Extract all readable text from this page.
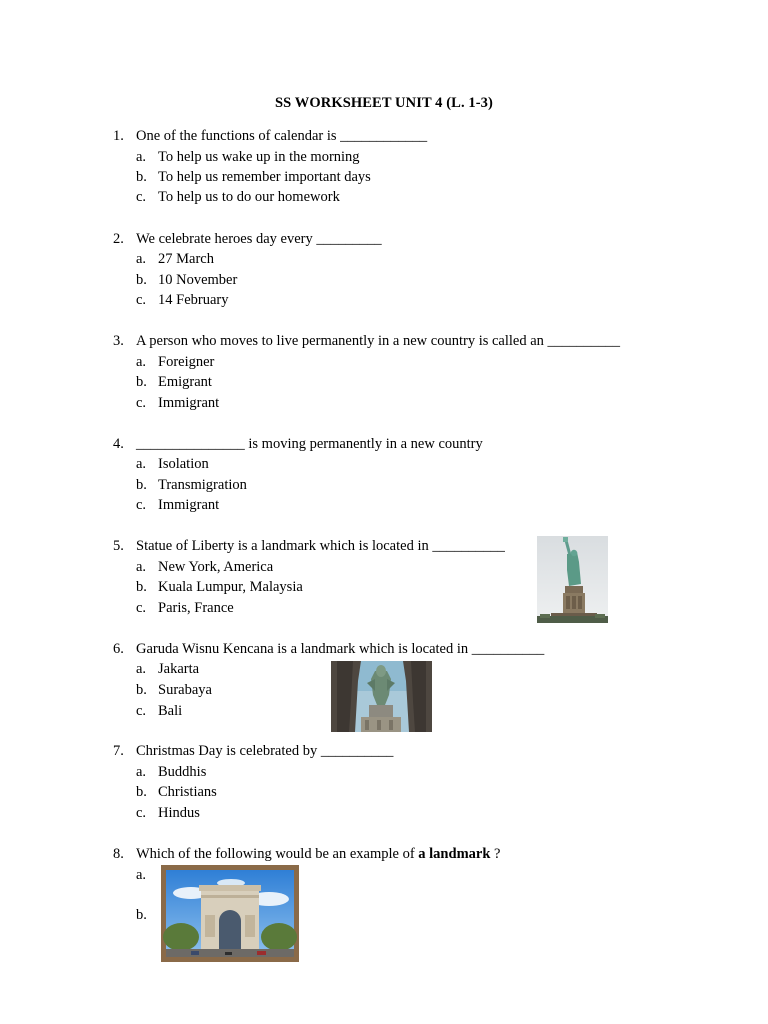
SS WORKSHEET UNIT 4 (L. 1-3)
1. One of the functions of calendar is ____________
a. To help us wake up in the morning
b. To help us remember important days
c. To help us to do our homework
2. We celebrate heroes day every _________
a. 27 March
b. 10 November
c. 14 February
3. A person who moves to live permanently in a new country is called an __________
a. Foreigner
b. Emigrant
c. Immigrant
4. _______________ is moving permanently in a new country
a. Isolation
b. Transmigration
c. Immigrant
5. Statue of Liberty is a landmark which is located in __________
a. New York, America
b. Kuala Lumpur, Malaysia
c. Paris, France
6. Garuda Wisnu Kencana is a landmark which is located in __________
a. Jakarta
b. Surabaya
c. Bali
7. Christmas Day is celebrated by __________
a. Buddhis
b. Christians
c. Hindus
8. Which of the following would be an example of a landmark ?
a.
b.
